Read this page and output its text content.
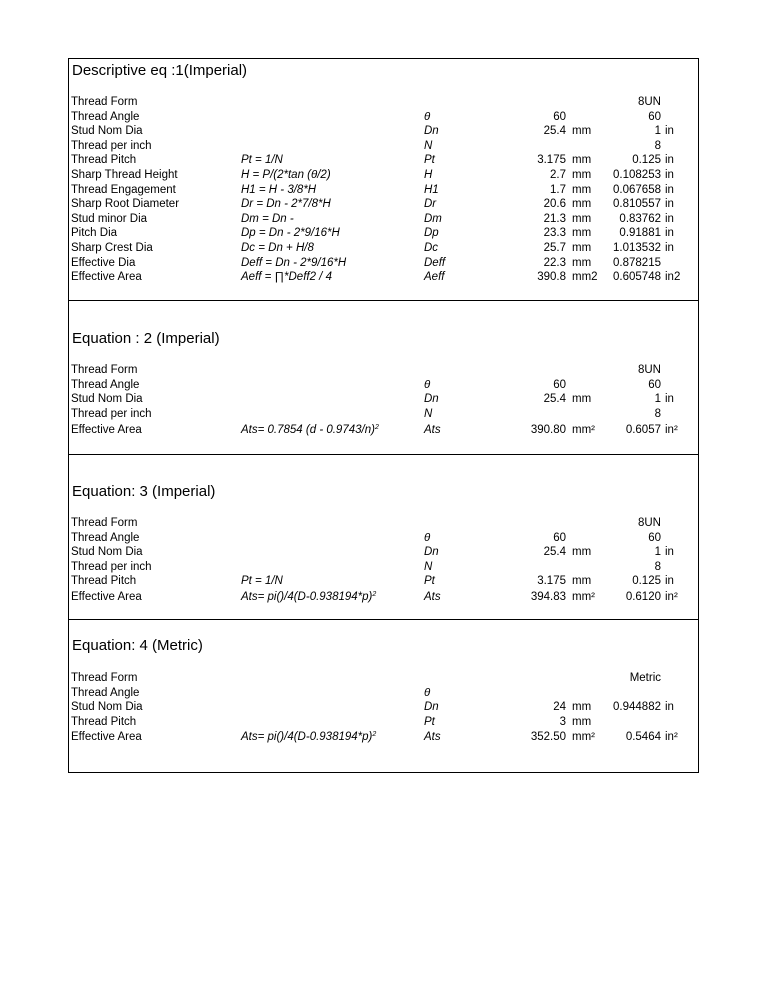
Descriptive eq :1(Imperial)
Thread Form	8UN
Thread Angle	θ	60	60
Stud Nom Dia	Dn	25.4 mm	1 in
Thread per inch	N	8
Thread Pitch	Pt = 1/N	Pt	3.175 mm	0.125 in
Sharp Thread Height	H = P/(2*tan (θ/2)	H	2.7 mm 0.108253 in
Thread Engagement	H1 = H - 3/8*H	H1	1.7 mm 0.067658 in
Sharp Root Diameter	Dr = Dn - 2*7/8*H	Dr	20.6 mm 0.810557 in
Stud minor Dia	Dm = Dn -	Dm	21.3 mm 0.83762 in
Pitch Dia	Dp = Dn - 2*9/16*H	Dp	23.3 mm 0.91881 in
Sharp Crest Dia	Dc = Dn + H/8	Dc	25.7 mm 1.013532 in
Effective Dia	Deff = Dn - 2*9/16*H	Deff	22.3 mm 0.878215
Effective Area	Aeff = ∏*Deff2 / 4	Aeff	390.8 mm2 0.605748 in2
Equation : 2 (Imperial)
Thread Form	8UN
Thread Angle	θ	60	60
Stud Nom Dia	Dn	25.4 mm	1 in
Thread per inch	N	8
Effective Area	Ats= 0.7854 (d - 0.9743/n)$^2$	Ats	390.80 mm²	0.6057 in²
Equation: 3 (Imperial)
Thread Form	8UN
Thread Angle	θ	60	60
Stud Nom Dia	Dn	25.4 mm	1 in
Thread per inch	N	8
Thread Pitch	Pt = 1/N	Pt	3.175 mm	0.125 in
Effective Area	$Ats= pi()/4(D-0.938194*p)^2$	Ats	394.83 mm²	0.6120 in²
Equation: 4 (Metric)
Thread Form	Metric
Thread Angle	θ
Stud Nom Dia	Dn	24 mm 0.944882 in
Thread Pitch	Pt	3 mm
Effective Area	$Ats= pi()/4(D-0.938194*p)^2$	Ats	352.50 mm²	0.5464 in²
